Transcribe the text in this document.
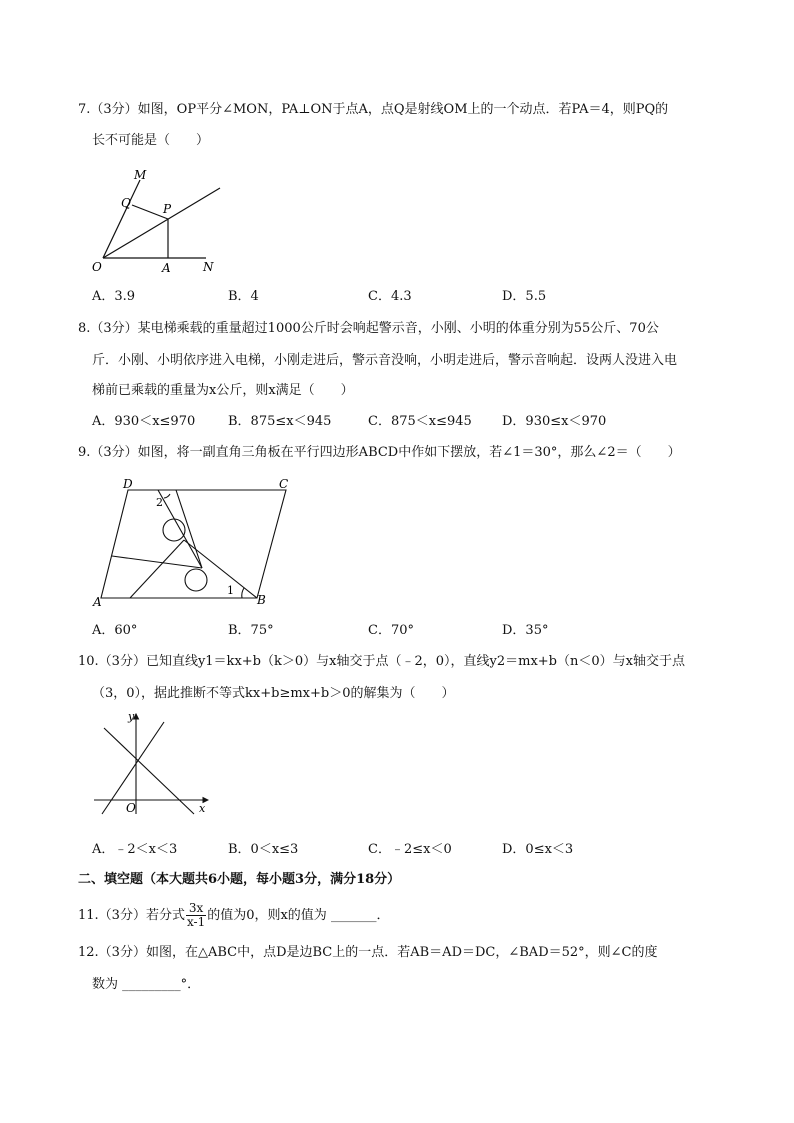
7.（3分）如图，OP平分∠MON，PA⊥ON于点A，点Q是射线OM上的一个动点．若PA＝4，则PQ的
长不可能是（　　）
M
Q	P
O	A	N
A．3.9	B．4	C．4.3	D．5.5
8.（3分）某电梯乘载的重量超过1000公斤时会响起警示音，小刚、小明的体重分别为55公斤、70公
斤．小刚、小明依序进入电梯，小刚走进后，警示音没响，小明走进后，警示音响起．设两人没进入电
梯前已乘载的重量为x公斤，则x满足（　　）
A．930＜x≤970	B．875≤x＜945	C．875＜x≤945 D．930≤x＜970
9.（3分）如图，将一副直角三角板在平行四边形ABCD中作如下摆放，若∠1＝30°，那么∠2＝（　　）
D	C
A	B
1
2
A．60°	B．75°	C．70°	D．35°
10.（3分）已知直线y1＝kx+b（k＞0）与x轴交于点（﹣2，0），直线y2＝mx+b（n＜0）与x轴交于点
（3，0），据此推断不等式kx+b≥mx+b＞0的解集为（　　）
y
x
O
A．﹣2＜x＜3	B．0＜x≤3	C．﹣2≤x＜0	D．0≤x＜3
二、填空题（本大题共6小题，每小题3分，满分18分）
11.（3分）若分式 $\frac{3x}{x-1}$ 的值为0，则x的值为 _______．
12.（3分）如图，在△ABC中，点D是边BC上的一点．若AB＝AD＝DC，∠BAD＝52°，则∠C的度
数为 _________°．
